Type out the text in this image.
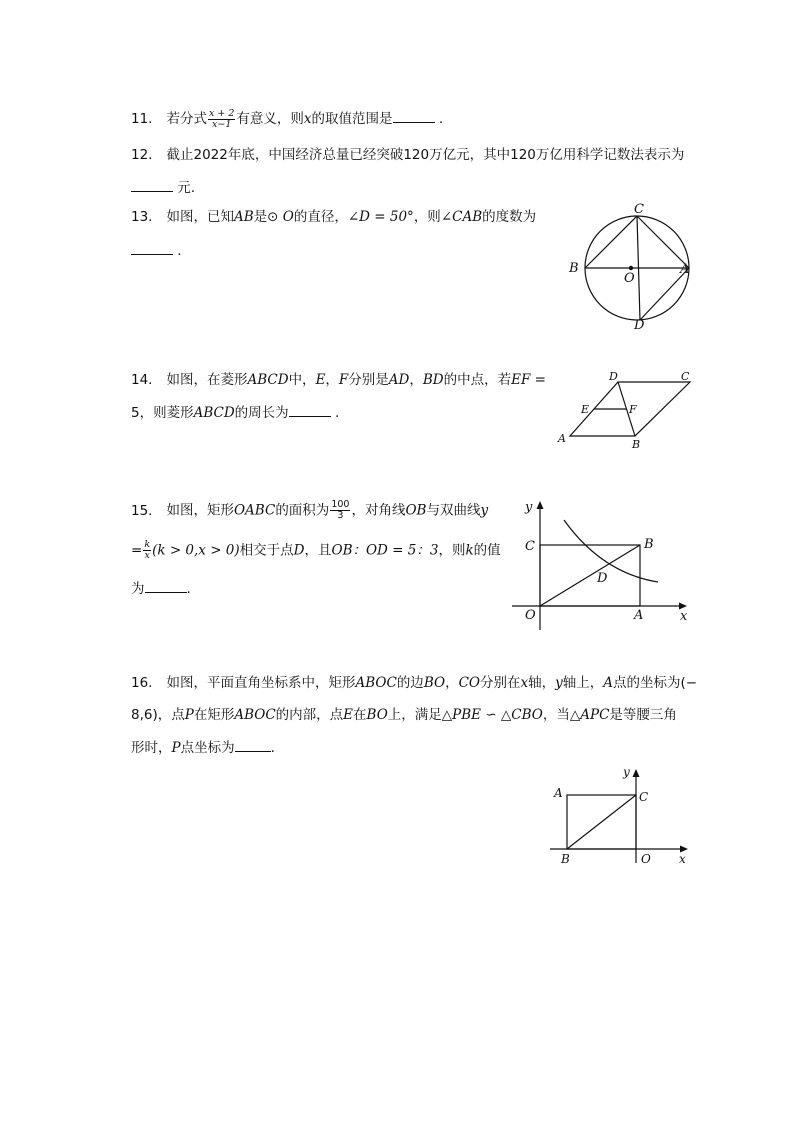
11. 若分式 $\frac{x + 2}{x-1}$ 有意义，则x的取值范围是	.
12. 截止2022年底，中国经济总量已经突破120万亿元，其中120万亿用科学记数法表示为
元.
13. 如图，已知AB是⊙ O的直径，∠D = 50°，则∠CAB的度数为
.
C
B
O
A
D
14. 如图，在菱形ABCD中，E，F分别是AD，BD的中点，若EF =
5，则菱形ABCD的周长为	.
D	C
E	F
A	B
15. 如图，矩形OABC的面积为 $\frac{100}{3}$ ，对角线OB与双曲线y
= $\frac{k}{x} (k > 0,x > 0)$相交于点D，且OB：OD = 5：3，则k的值
为	.
y
C	B
D
O	A	x
16. 如图，平面直角坐标系中，矩形ABOC的边BO，CO分别在x轴，y轴上，A点的坐标为(−
8,6)，点P在矩形ABOC的内部，点E在BO上，满足△PBE ∽ △CBO，当△APC是等腰三角
形时，P点坐标为	.
A
y
C
B	O x
